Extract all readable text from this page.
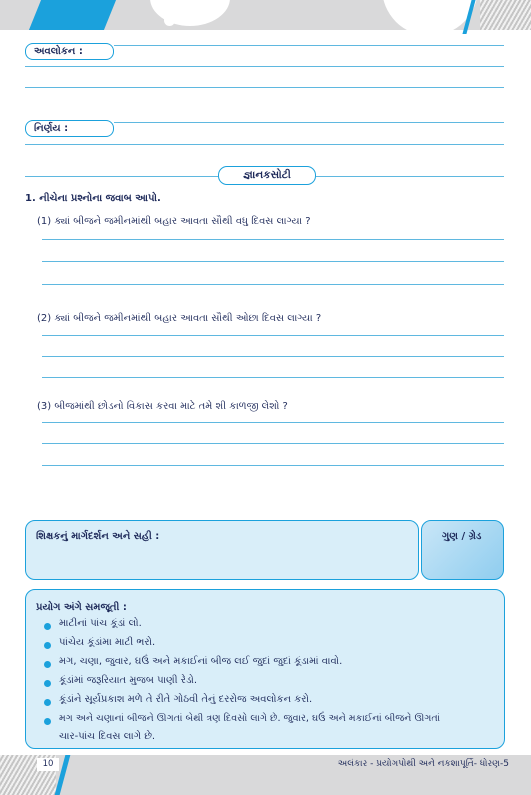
અવલોકન :
નિર્ણય :
જ્ઞાનકસોટી
1. નીચેના પ્રશ્નોના જવાબ આપો.
(1) ક્યાં બીજને જમીનમાંથી બહાર આવતા સૌથી વધુ દિવસ લાગ્યા ?
(2) ક્યાં બીજને જમીનમાંથી બહાર આવતા સૌથી ઓછા દિવસ લાગ્યા ?
(3) બીજમાંથી છોડનો વિકાસ કરવા માટે તમે શી કાળજી લેશો ?
શિક્ષકનું માર્ગદર્શન અને સહી :	ગુણ / ગ્રેડ
પ્રયોગ અંગે સમજૂતી :
માટીનાં પાંચ કૂંડાં લો.
પાંચેય કૂંડાંમા માટી ભરો.
મગ, ચણા, જુવાર, ઘઉં અને મકાઈનાં બીજ લઈ જુદાં જુદાં કૂંડામાં વાવો.
કૂંડાંમાં જરૂરિયાત મુજબ પાણી રેડો.
કૂંડાંને સૂર્યપ્રકાશ મળે તે રીતે ગોઠવી તેનું દરરોજ અવલોકન કરો.
મગ અને ચણાનાં બીજને ઊગતાં બેથી ત્રણ દિવસો લાગે છે. જુવાર, ઘઉં અને મકાઈનાં બીજને ઊગતાં
ચાર-પાંચ દિવસ લાગે છે.
10	અલંકાર - પ્રયોગપોથી અને નકશાપૂર્તિ- ધોરણ-5
